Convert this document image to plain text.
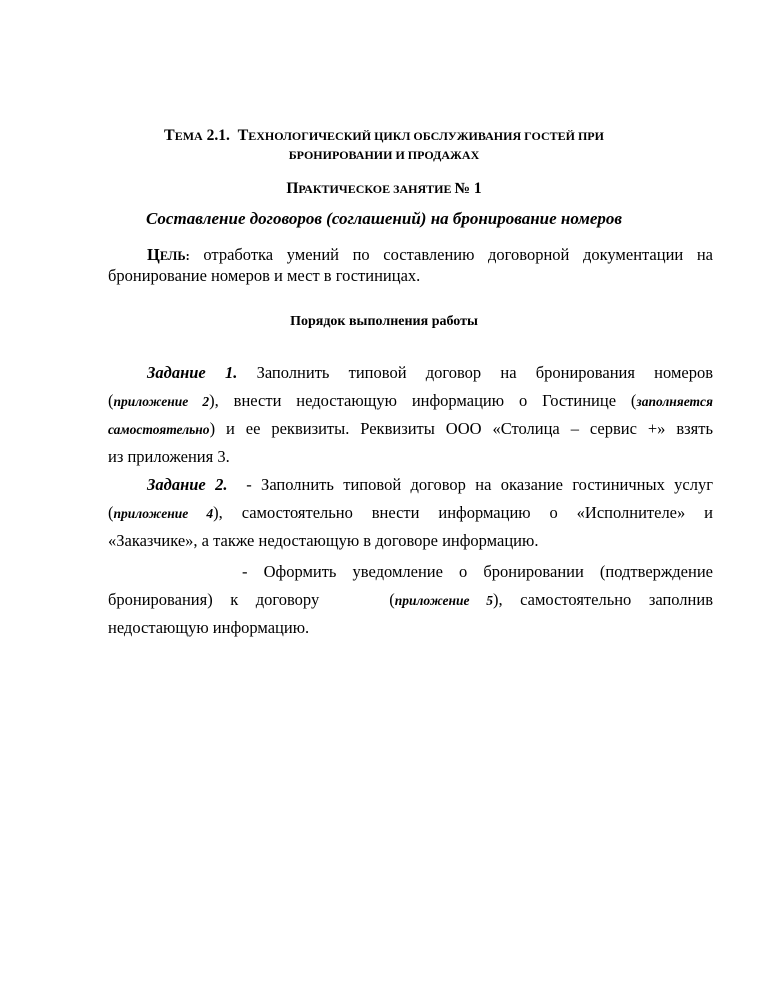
ТЕМА 2.1. ТЕХНОЛОГИЧЕСКИЙ ЦИКЛ ОБСЛУЖИВАНИЯ ГОСТЕЙ ПРИ
БРОНИРОВАНИИ И ПРОДАЖАХ
ПРАКТИЧЕСКОЕ ЗАНЯТИЕ № 1
Составление договоров (соглашений) на бронирование номеров
ЦЕЛЬ: отработка умений по составлению договорной документации на
бронирование номеров и мест в гостиницах.
Порядок выполнения работы
Задание 1. Заполнить типовой договор на бронирования номеров
(приложение 2), внести недостающую информацию о Гостинице (заполняется
самостоятельно) и ее реквизиты. Реквизиты ООО «Столица – сервис +» взять
из приложения 3.
Задание 2. - Заполнить типовой договор на оказание гостиничных услуг
(приложение 4), самостоятельно внести информацию о «Исполнителе» и
«Заказчике», а также недостающую в договоре информацию.
- Оформить уведомление о бронировании (подтверждение
бронирования) к договору	(приложение 5), самостоятельно заполнив
недостающую информацию.
